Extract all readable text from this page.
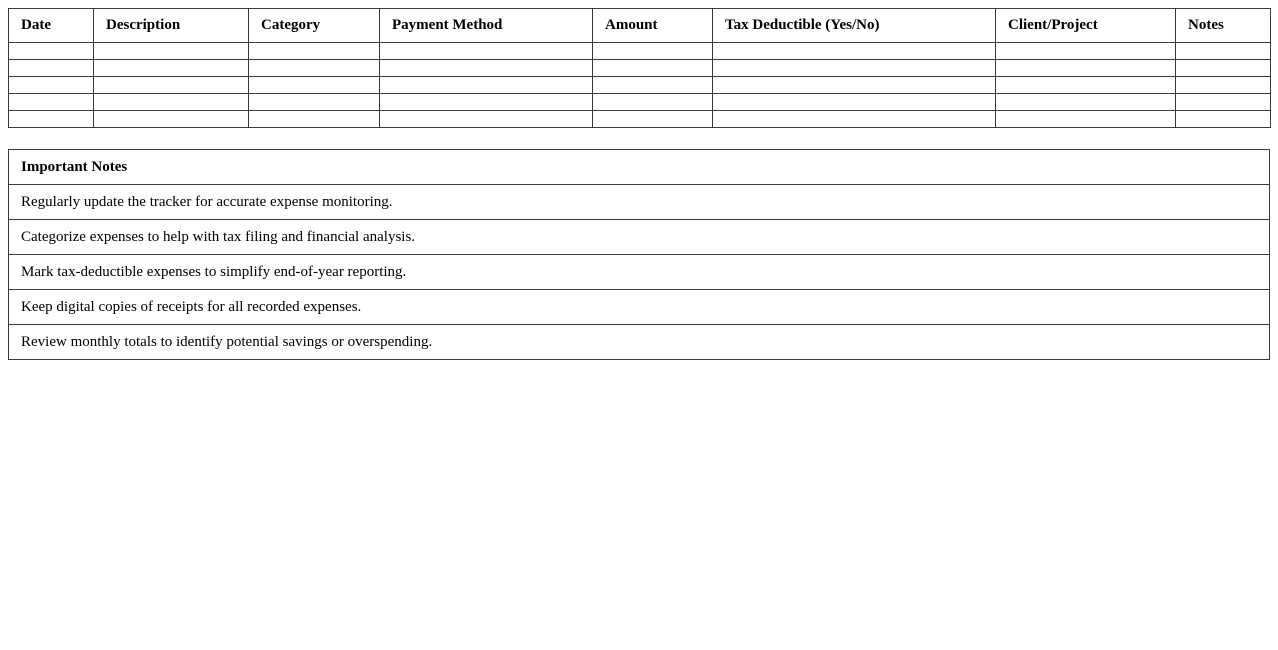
Date	Description	Category	Payment Method	Amount	Tax Deductible (Yes/No)	Client/Project	Notes

Important Notes
Regularly update the tracker for accurate expense monitoring.
Categorize expenses to help with tax filing and financial analysis.
Mark tax-deductible expenses to simplify end-of-year reporting.
Keep digital copies of receipts for all recorded expenses.
Review monthly totals to identify potential savings or overspending.
